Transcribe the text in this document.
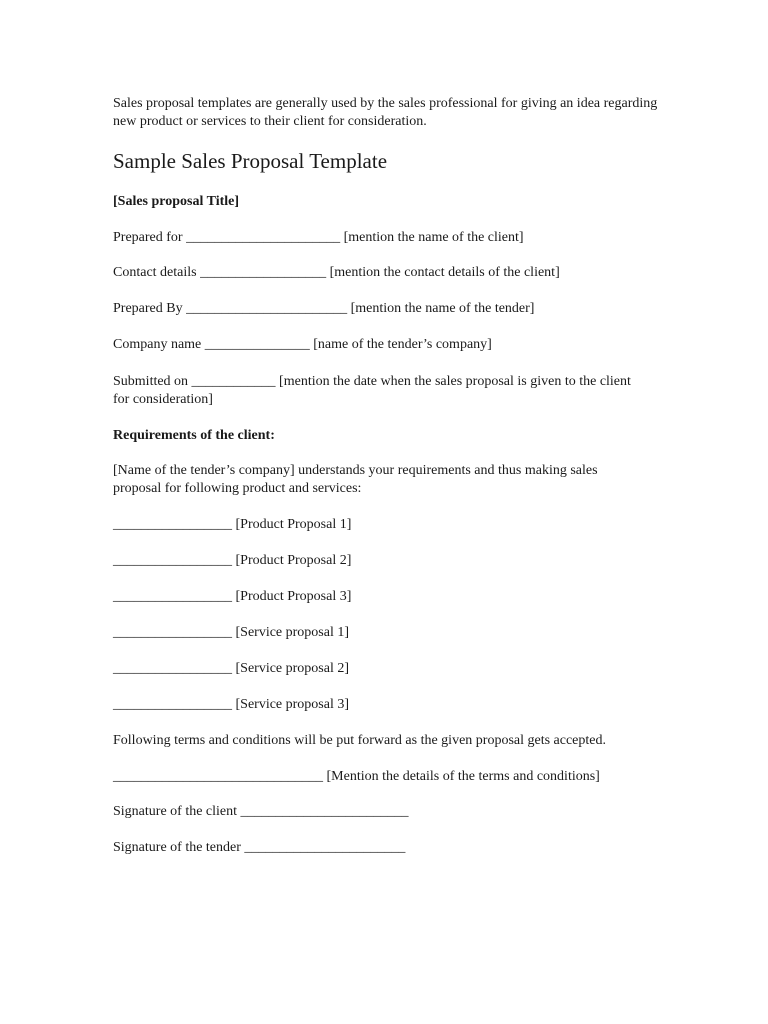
Sales proposal templates are generally used by the sales professional for giving an idea regarding new product or services to their client for consideration.

Sample Sales Proposal Template

[Sales proposal Title]

Prepared for ______________________ [mention the name of the client]

Contact details __________________ [mention the contact details of the client]

Prepared By _______________________ [mention the name of the tender]

Company name _______________ [name of the tender’s company]

Submitted on ____________ [mention the date when the sales proposal is given to the client for consideration]

Requirements of the client:

[Name of the tender’s company] understands your requirements and thus making sales proposal for following product and services:

_________________ [Product Proposal 1]

_________________ [Product Proposal 2]

_________________ [Product Proposal 3]

_________________ [Service proposal 1]

_________________ [Service proposal 2]

_________________ [Service proposal 3]

Following terms and conditions will be put forward as the given proposal gets accepted.

______________________________ [Mention the details of the terms and conditions]

Signature of the client ________________________

Signature of the tender _______________________
